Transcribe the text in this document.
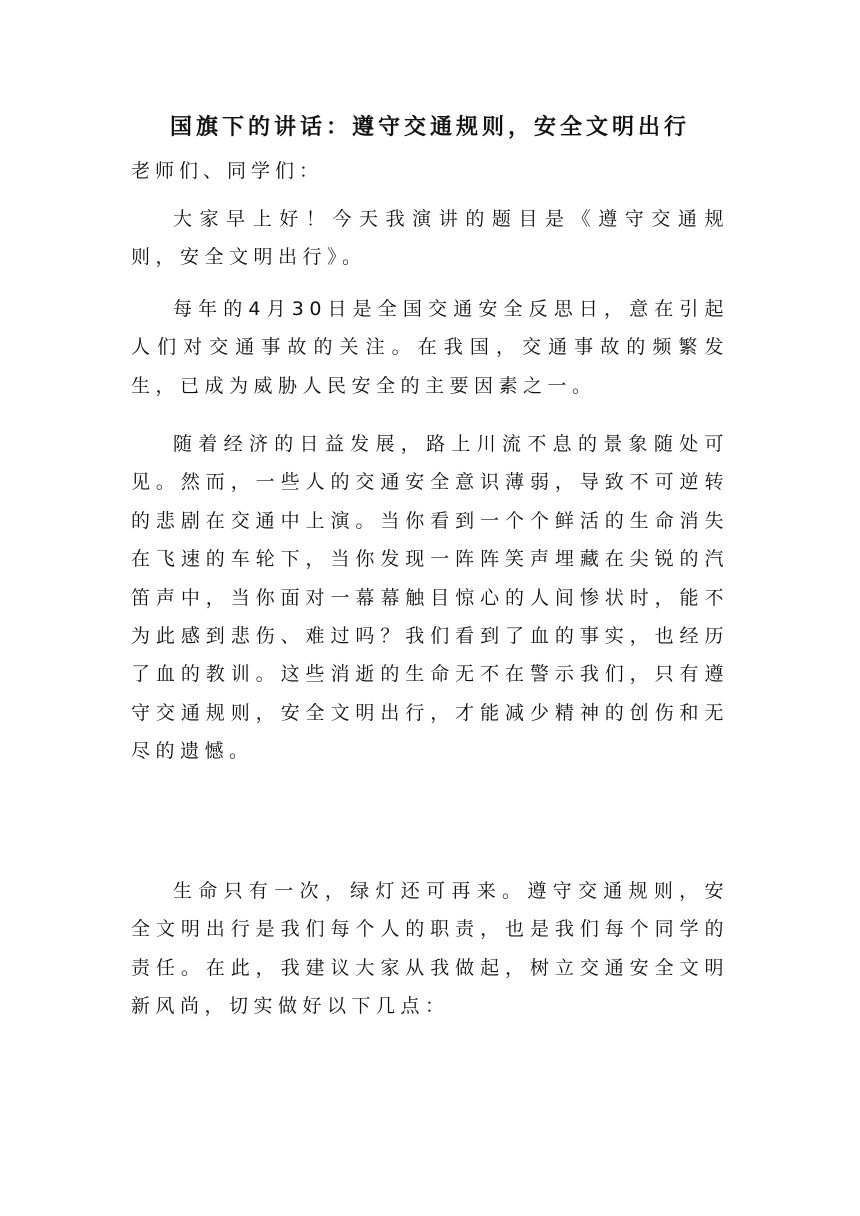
国旗下的讲话：遵守交通规则，安全文明出行
老师们、同学们：

大家早上好！今天我演讲的题目是《遵守交通规则，安全文明出行》。

每年的4月30日是全国交通安全反思日，意在引起人们对交通事故的关注。在我国，交通事故的频繁发生，已成为威胁人民安全的主要因素之一。

随着经济的日益发展，路上川流不息的景象随处可见。然而，一些人的交通安全意识薄弱，导致不可逆转的悲剧在交通中上演。当你看到一个个鲜活的生命消失在飞速的车轮下，当你发现一阵阵笑声埋藏在尖锐的汽笛声中，当你面对一幕幕触目惊心的人间惨状时，能不为此感到悲伤、难过吗？我们看到了血的事实，也经历了血的教训。这些消逝的生命无不在警示我们，只有遵守交通规则，安全文明出行，才能减少精神的创伤和无尽的遗憾。

生命只有一次，绿灯还可再来。遵守交通规则，安全文明出行是我们每个人的职责，也是我们每个同学的责任。在此，我建议大家从我做起，树立交通安全文明新风尚，切实做好以下几点：
